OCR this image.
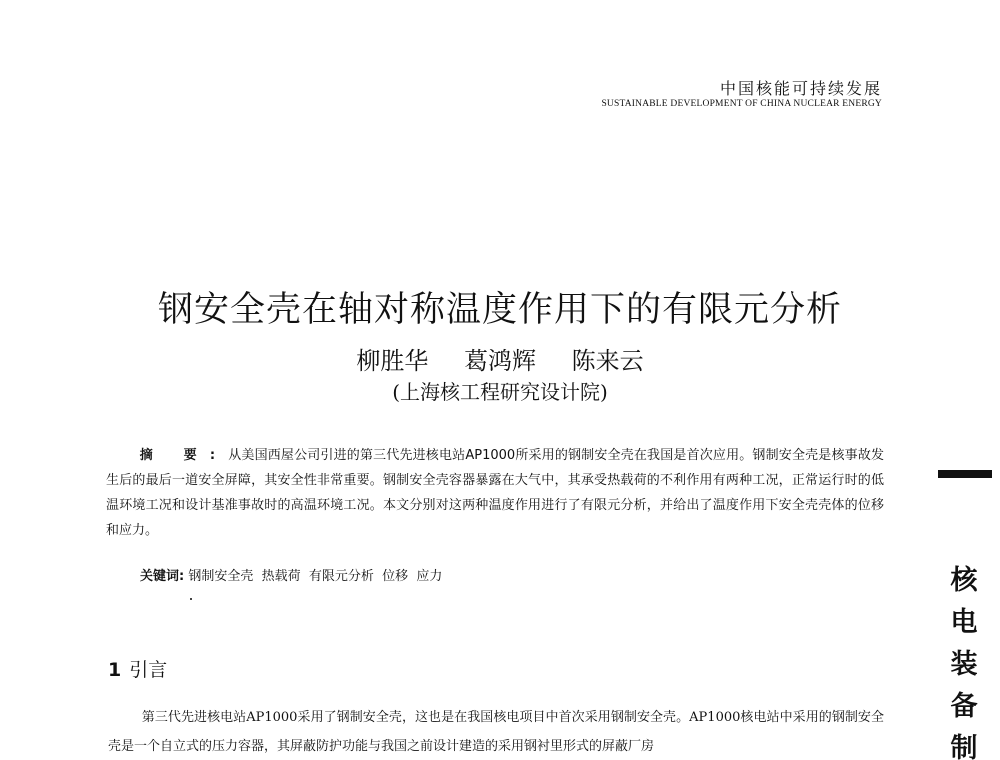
中国核能可持续发展
SUSTAINABLE DEVELOPMENT OF CHINA NUCLEAR ENERGY
钢安全壳在轴对称温度作用下的有限元分析
柳胜华 葛鸿辉 陈来云
(上海核工程研究设计院)
摘 要:从美国西屋公司引进的第三代先进核电站AP1000所采用的钢制安全壳在我国是首次应用。钢制安全壳是核事故发生后的最后一道安全屏障，其安全性非常重要。钢制安全壳容器暴露在大气中，其承受热载荷的不利作用有两种工况，正常运行时的低温环境工况和设计基准事故时的高温环境工况。本文分别对这两种温度作用进行了有限元分析，并给出了温度作用下安全壳壳体的位移和应力。
关键词: 钢制安全壳  热载荷  有限元分析  位移  应力
1 引言
第三代先进核电站AP1000采用了钢制安全壳，这也是在我国核电项目中首次采用钢制安全壳。AP1000核电站中采用的钢制安全壳是一个自立式的压力容器，其屏蔽防护功能与我国之前设计建造的采用钢衬里形式的屏蔽厂房
核
电
装
备
制
